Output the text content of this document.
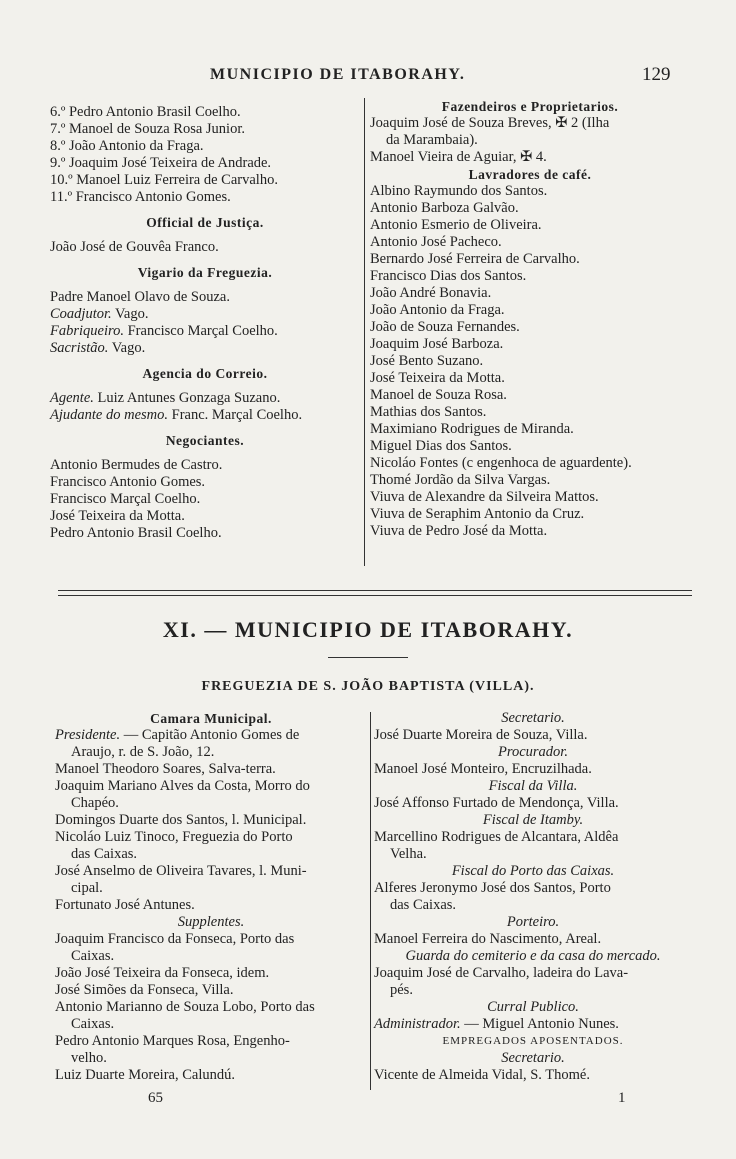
MUNICIPIO DE ITABORAHY.	129
6.º Pedro Antonio Brasil Coelho.
7.º Manoel de Souza Rosa Junior.
8.º João Antonio da Fraga.
9.º Joaquim José Teixeira de Andrade.
10.º Manoel Luiz Ferreira de Carvalho.
11.º Francisco Antonio Gomes.
Official de Justiça.
João José de Gouvêa Franco.
Vigario da Freguezia.
Padre Manoel Olavo de Souza.
Coadjutor. Vago.
Fabriqueiro. Francisco Marçal Coelho.
Sacristão. Vago.
Agencia do Correio.
Agente. Luiz Antunes Gonzaga Suzano.
Ajudante do mesmo. Franc. Marçal Coelho.
Negociantes.
Antonio Bermudes de Castro.
Francisco Antonio Gomes.
Francisco Marçal Coelho.
José Teixeira da Motta.
Pedro Antonio Brasil Coelho.
Fazendeiros e Proprietarios.
Joaquim José de Souza Breves, ✠ 2 (Ilha
da Marambaia).
Manoel Vieira de Aguiar, ✠ 4.
Lavradores de café.
Albino Raymundo dos Santos.
Antonio Barboza Galvão.
Antonio Esmerio de Oliveira.
Antonio José Pacheco.
Bernardo José Ferreira de Carvalho.
Francisco Dias dos Santos.
João André Bonavia.
João Antonio da Fraga.
João de Souza Fernandes.
Joaquim José Barboza.
José Bento Suzano.
José Teixeira da Motta.
Manoel de Souza Rosa.
Mathias dos Santos.
Maximiano Rodrigues de Miranda.
Miguel Dias dos Santos.
Nicoláo Fontes (c engenhoca de aguardente).
Thomé Jordão da Silva Vargas.
Viuva de Alexandre da Silveira Mattos.
Viuva de Seraphim Antonio da Cruz.
Viuva de Pedro José da Motta.
XI. — MUNICIPIO DE ITABORAHY.
FREGUEZIA DE S. JOÃO BAPTISTA (VILLA).
Camara Municipal.
Presidente. — Capitão Antonio Gomes de
Araujo, r. de S. João, 12.
Manoel Theodoro Soares, Salva-terra.
Joaquim Mariano Alves da Costa, Morro do
Chapéo.
Domingos Duarte dos Santos, l. Municipal.
Nicoláo Luiz Tinoco, Freguezia do Porto
das Caixas.
José Anselmo de Oliveira Tavares, l. Muni-
cipal.
Fortunato José Antunes.
Supplentes.
Joaquim Francisco da Fonseca, Porto das
Caixas.
João José Teixeira da Fonseca, idem.
José Simões da Fonseca, Villa.
Antonio Marianno de Souza Lobo, Porto das
Caixas.
Pedro Antonio Marques Rosa, Engenho-
velho.
Luiz Duarte Moreira, Calundú.
Secretario.
José Duarte Moreira de Souza, Villa.
Procurador.
Manoel José Monteiro, Encruzilhada.
Fiscal da Villa.
José Affonso Furtado de Mendonça, Villa.
Fiscal de Itamby.
Marcellino Rodrigues de Alcantara, Aldêa
Velha.
Fiscal do Porto das Caixas.
Alferes Jeronymo José dos Santos, Porto
das Caixas.
Porteiro.
Manoel Ferreira do Nascimento, Areal.
Guarda do cemiterio e da casa do mercado.
Joaquim José de Carvalho, ladeira do Lava-
pés.
Curral Publico.
Administrador. — Miguel Antonio Nunes.
EMPREGADOS APOSENTADOS.
Secretario.
Vicente de Almeida Vidal, S. Thomé.
65	1
